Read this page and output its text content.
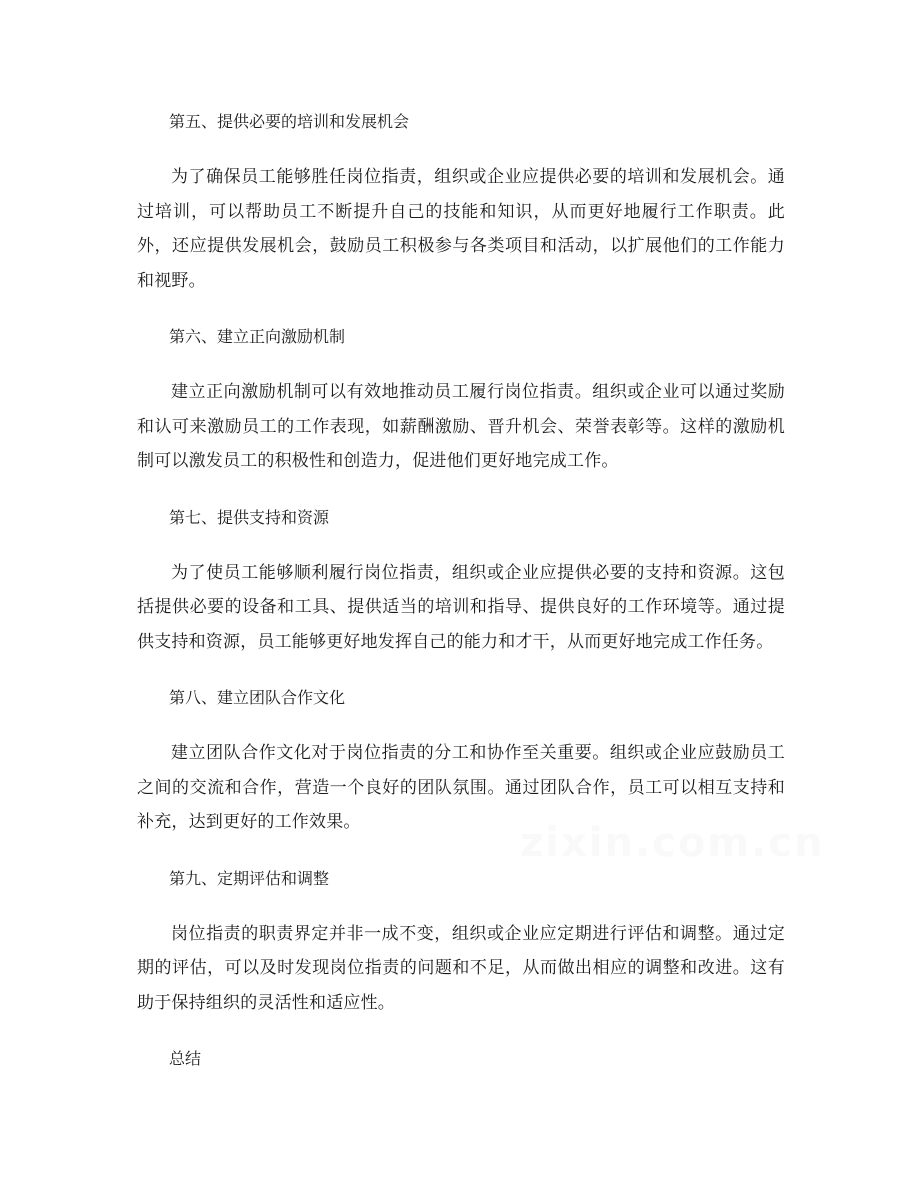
第五、提供必要的培训和发展机会
为了确保员工能够胜任岗位指责，组织或企业应提供必要的培训和发展机会。通过培训，可以帮助员工不断提升自己的技能和知识，从而更好地履行工作职责。此外，还应提供发展机会，鼓励员工积极参与各类项目和活动，以扩展他们的工作能力和视野。
第六、建立正向激励机制
建立正向激励机制可以有效地推动员工履行岗位指责。组织或企业可以通过奖励和认可来激励员工的工作表现，如薪酬激励、晋升机会、荣誉表彰等。这样的激励机制可以激发员工的积极性和创造力，促进他们更好地完成工作。
第七、提供支持和资源
为了使员工能够顺利履行岗位指责，组织或企业应提供必要的支持和资源。这包括提供必要的设备和工具、提供适当的培训和指导、提供良好的工作环境等。通过提供支持和资源，员工能够更好地发挥自己的能力和才干，从而更好地完成工作任务。
第八、建立团队合作文化
建立团队合作文化对于岗位指责的分工和协作至关重要。组织或企业应鼓励员工之间的交流和合作，营造一个良好的团队氛围。通过团队合作，员工可以相互支持和补充，达到更好的工作效果。
第九、定期评估和调整
岗位指责的职责界定并非一成不变，组织或企业应定期进行评估和调整。通过定期的评估，可以及时发现岗位指责的问题和不足，从而做出相应的调整和改进。这有助于保持组织的灵活性和适应性。
总结
zixin.com.cn
